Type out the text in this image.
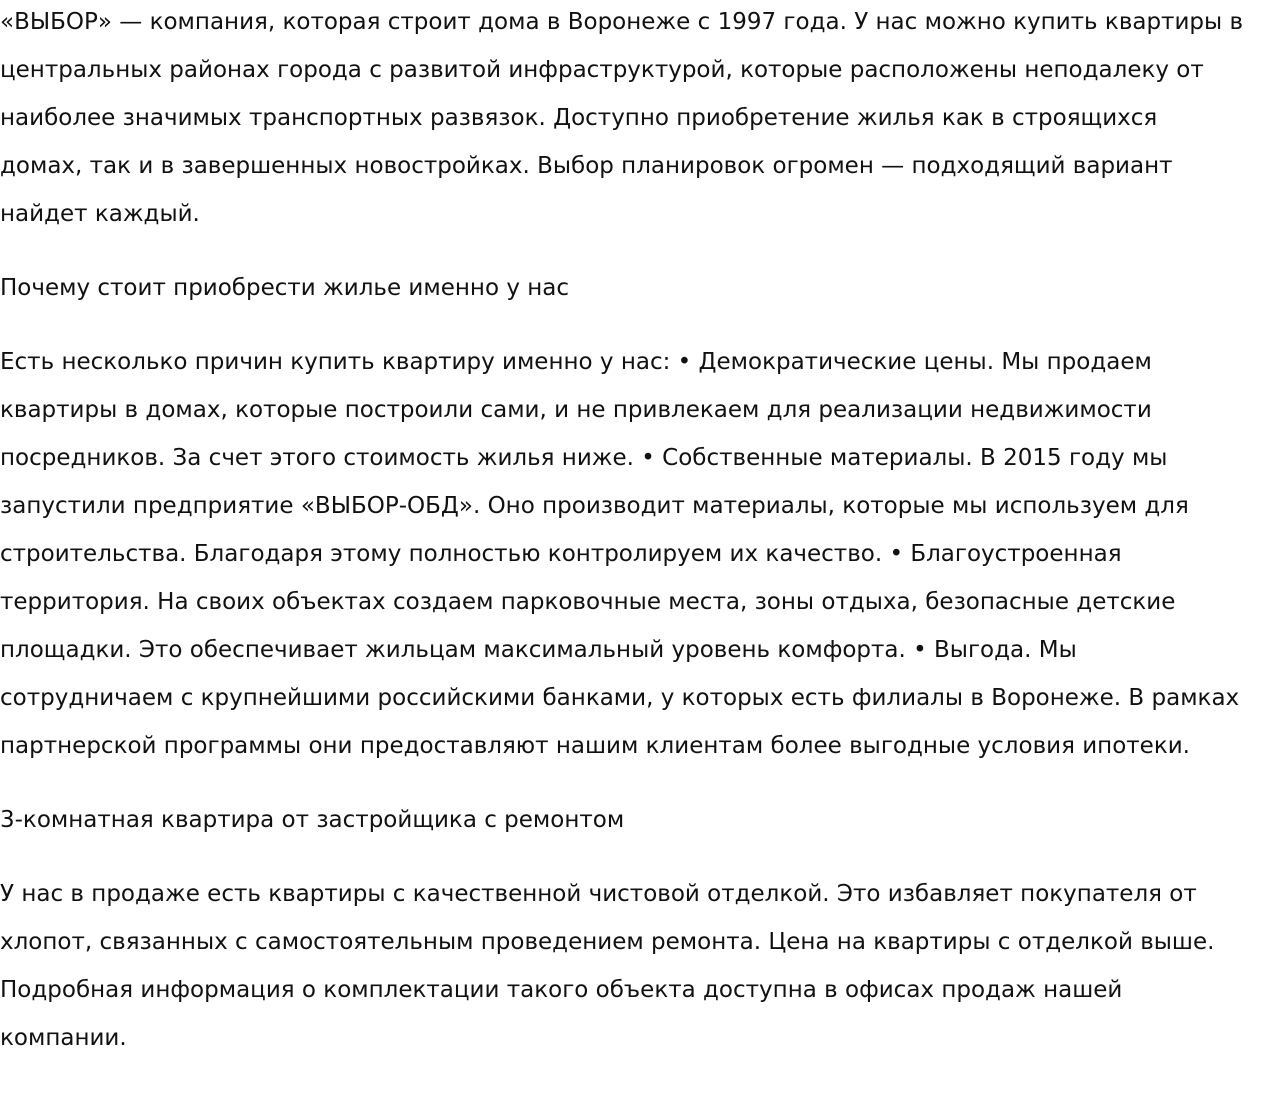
«ВЫБОР» — компания, которая строит дома в Воронеже с 1997 года. У нас можно купить квартиры в центральных районах города с развитой инфраструктурой, которые расположены неподалеку от наиболее значимых транспортных развязок. Доступно приобретение жилья как в строящихся домах, так и в завершенных новостройках. Выбор планировок огромен — подходящий вариант найдет каждый.

Почему стоит приобрести жилье именно у нас

Есть несколько причин купить квартиру именно у нас: • Демократические цены. Мы продаем квартиры в домах, которые построили сами, и не привлекаем для реализации недвижимости посредников. За счет этого стоимость жилья ниже. • Собственные материалы. В 2015 году мы запустили предприятие «ВЫБОР-ОБД». Оно производит материалы, которые мы используем для строительства. Благодаря этому полностью контролируем их качество. • Благоустроенная территория. На своих объектах создаем парковочные места, зоны отдыха, безопасные детские площадки. Это обеспечивает жильцам максимальный уровень комфорта. • Выгода. Мы сотрудничаем с крупнейшими российскими банками, у которых есть филиалы в Воронеже. В рамках партнерской программы они предоставляют нашим клиентам более выгодные условия ипотеки.

3-комнатная квартира от застройщика с ремонтом

У нас в продаже есть квартиры с качественной чистовой отделкой. Это избавляет покупателя от хлопот, связанных с самостоятельным проведением ремонта. Цена на квартиры с отделкой выше. Подробная информация о комплектации такого объекта доступна в офисах продаж нашей компании.
